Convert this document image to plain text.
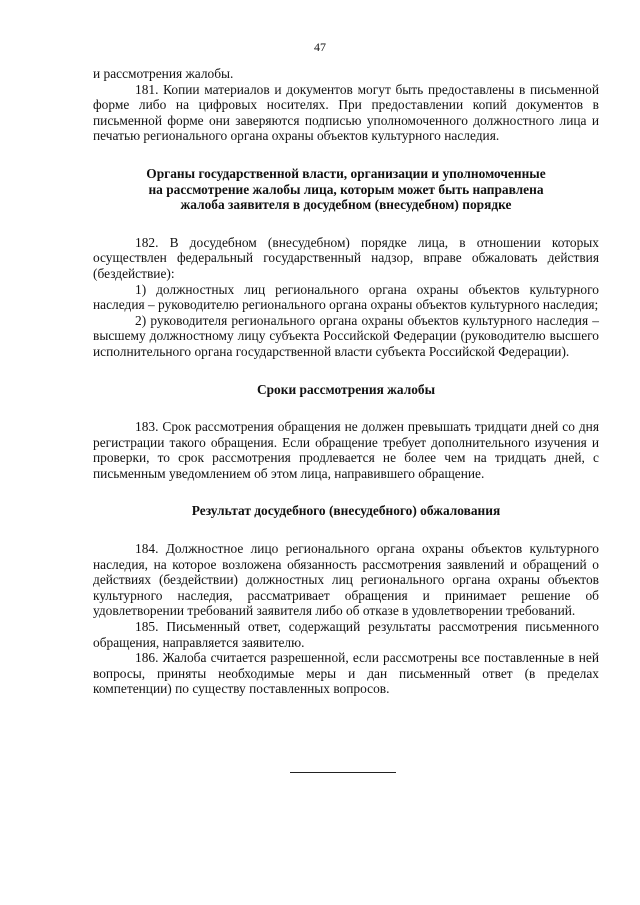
47

и рассмотрения жалобы.

181. Копии материалов и документов могут быть предоставлены в письменной форме либо на цифровых носителях. При предоставлении копий документов в письменной форме они заверяются подписью уполномоченного должностного лица и печатью регионального органа охраны объектов культурного наследия.

Органы государственной власти, организации и уполномоченные
на рассмотрение жалобы лица, которым может быть направлена
жалоба заявителя в досудебном (внесудебном) порядке

182. В досудебном (внесудебном) порядке лица, в отношении которых осуществлен федеральный государственный надзор, вправе обжаловать действия (бездействие):

1) должностных лиц регионального органа охраны объектов культурного наследия – руководителю регионального органа охраны объектов культурного наследия;

2) руководителя регионального органа охраны объектов культурного наследия – высшему должностному лицу субъекта Российской Федерации (руководителю высшего исполнительного органа государственной власти субъекта Российской Федерации).

Сроки рассмотрения жалобы

183. Срок рассмотрения обращения не должен превышать тридцати дней со дня регистрации такого обращения. Если обращение требует дополнительного изучения и проверки, то срок рассмотрения продлевается не более чем на тридцать дней, с письменным уведомлением об этом лица, направившего обращение.

Результат досудебного (внесудебного) обжалования

184. Должностное лицо регионального органа охраны объектов культурного наследия, на которое возложена обязанность рассмотрения заявлений и обращений о действиях (бездействии) должностных лиц регионального органа охраны объектов культурного наследия, рассматривает обращения и принимает решение об удовлетворении требований заявителя либо об отказе в удовлетворении требований.

185. Письменный ответ, содержащий результаты рассмотрения письменного обращения, направляется заявителю.

186. Жалоба считается разрешенной, если рассмотрены все поставленные в ней вопросы, приняты необходимые меры и дан письменный ответ (в пределах компетенции) по существу поставленных вопросов.
